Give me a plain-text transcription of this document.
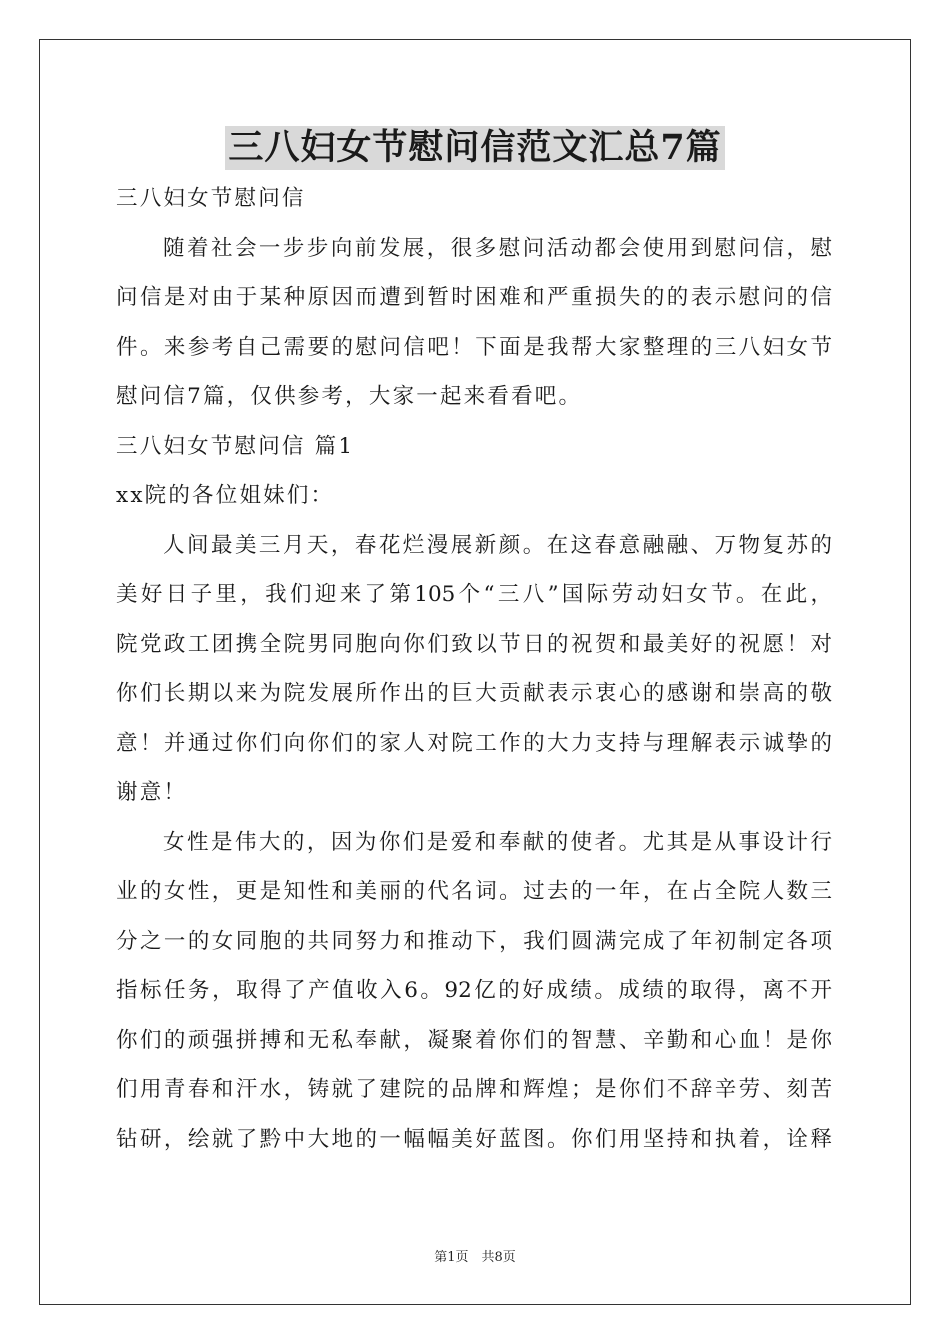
三八妇女节慰问信范文汇总7篇
三八妇女节慰问信
随着社会一步步向前发展，很多慰问活动都会使用到慰问信，慰
问信是对由于某种原因而遭到暂时困难和严重损失的的表示慰问的信
件。来参考自己需要的慰问信吧！下面是我帮大家整理的三八妇女节
慰问信7篇，仅供参考，大家一起来看看吧。
三八妇女节慰问信 篇1
xx院的各位姐妹们：
人间最美三月天，春花烂漫展新颜。在这春意融融、万物复苏的
美好日子里，我们迎来了第105个“三八”国际劳动妇女节。在此，
院党政工团携全院男同胞向你们致以节日的祝贺和最美好的祝愿！对
你们长期以来为院发展所作出的巨大贡献表示衷心的感谢和崇高的敬
意！并通过你们向你们的家人对院工作的大力支持与理解表示诚挚的
谢意！
女性是伟大的，因为你们是爱和奉献的使者。尤其是从事设计行
业的女性，更是知性和美丽的代名词。过去的一年，在占全院人数三
分之一的女同胞的共同努力和推动下，我们圆满完成了年初制定各项
指标任务，取得了产值收入6。92亿的好成绩。成绩的取得，离不开
你们的顽强拼搏和无私奉献，凝聚着你们的智慧、辛勤和心血！是你
们用青春和汗水，铸就了建院的品牌和辉煌；是你们不辞辛劳、刻苦
钻研，绘就了黔中大地的一幅幅美好蓝图。你们用坚持和执着，诠释
第1页　共8页
